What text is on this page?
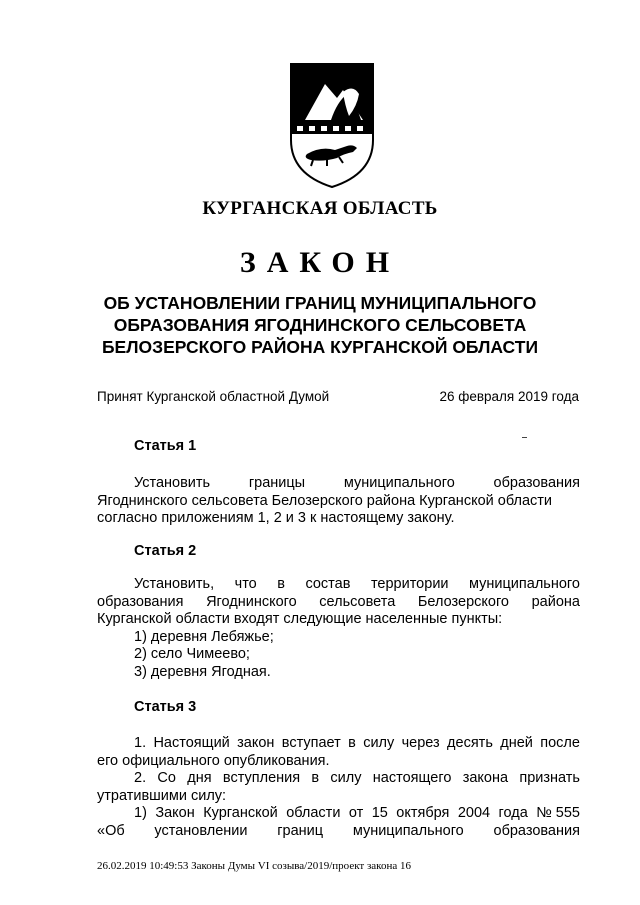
КУРГАНСКАЯ ОБЛАСТЬ
ЗАКОН
ОБ УСТАНОВЛЕНИИ ГРАНИЦ МУНИЦИПАЛЬНОГО
ОБРАЗОВАНИЯ ЯГОДНИНСКОГО СЕЛЬСОВЕТА
БЕЛОЗЕРСКОГО РАЙОНА КУРГАНСКОЙ ОБЛАСТИ
Принят Курганской областной Думой	26 февраля 2019 года
Статья 1
Установить	границы	муниципального	образования
Ягоднинского сельсовета Белозерского района Курганской области
согласно приложениям 1, 2 и 3 к настоящему закону.
Статья 2
Установить, что в состав территории муниципального
образования Ягоднинского сельсовета Белозерского района
Курганской области входят следующие населенные пункты:
1) деревня Лебяжье;
2) село Чимеево;
3) деревня Ягодная.
Статья 3
1. Настоящий закон вступает в силу через десять дней после
его официального опубликования.
2. Со дня вступления в силу настоящего закона признать
утратившими силу:
1) Закон Курганской области от 15 октября 2004 года № 555
«Об установлении границ муниципального образования
26.02.2019 10:49:53 Законы Думы VI созыва/2019/проект закона 16
